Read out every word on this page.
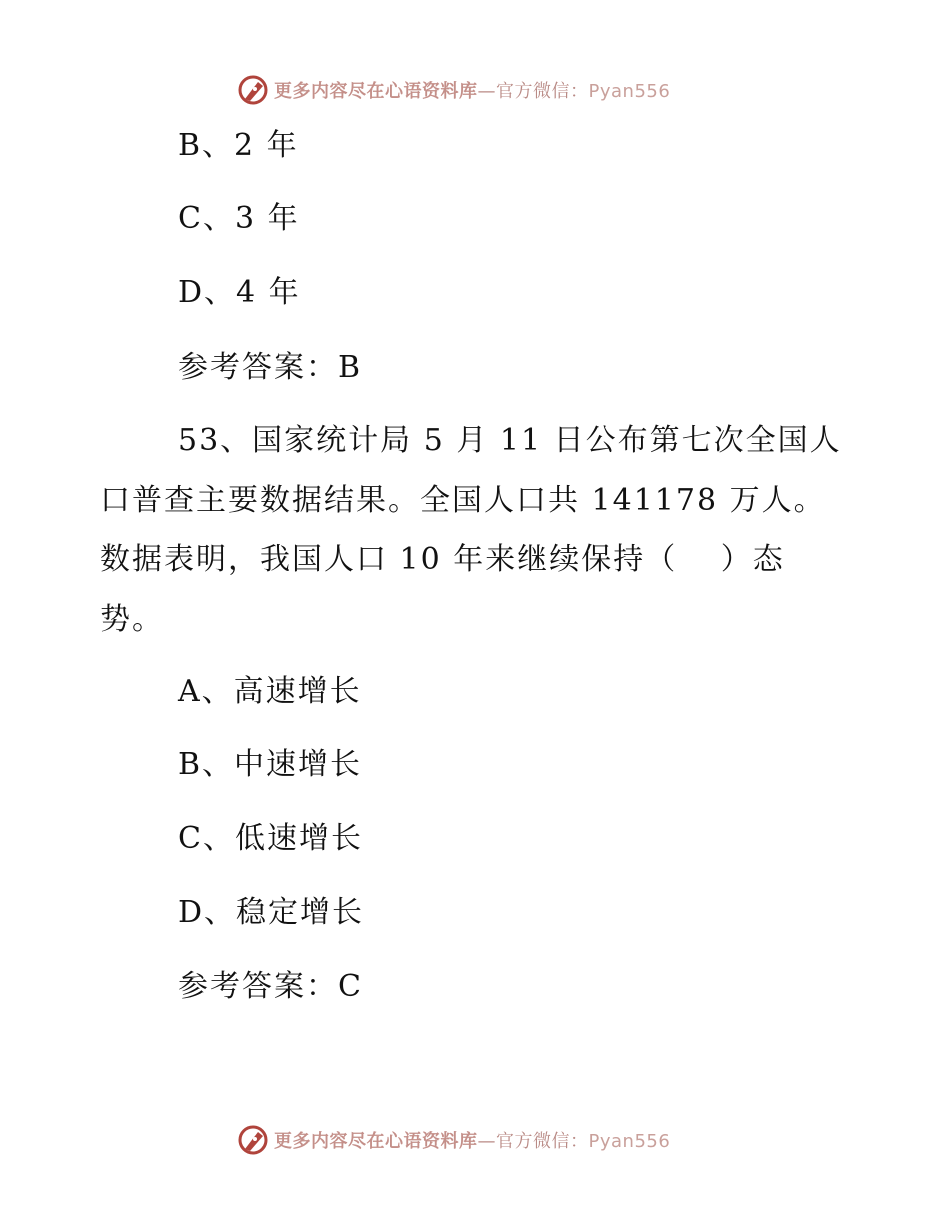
更多内容尽在心语资料库—官方微信：Pyan556
B、2 年
C、3 年
D、4 年
参考答案：B
53、国家统计局 5 月 11 日公布第七次全国人
口普查主要数据结果。全国人口共 141178 万人。
数据表明，我国人口 10 年来继续保持（　 ）态
势。
A、高速增长
B、中速增长
C、低速增长
D、稳定增长
参考答案：C
更多内容尽在心语资料库—官方微信：Pyan556
